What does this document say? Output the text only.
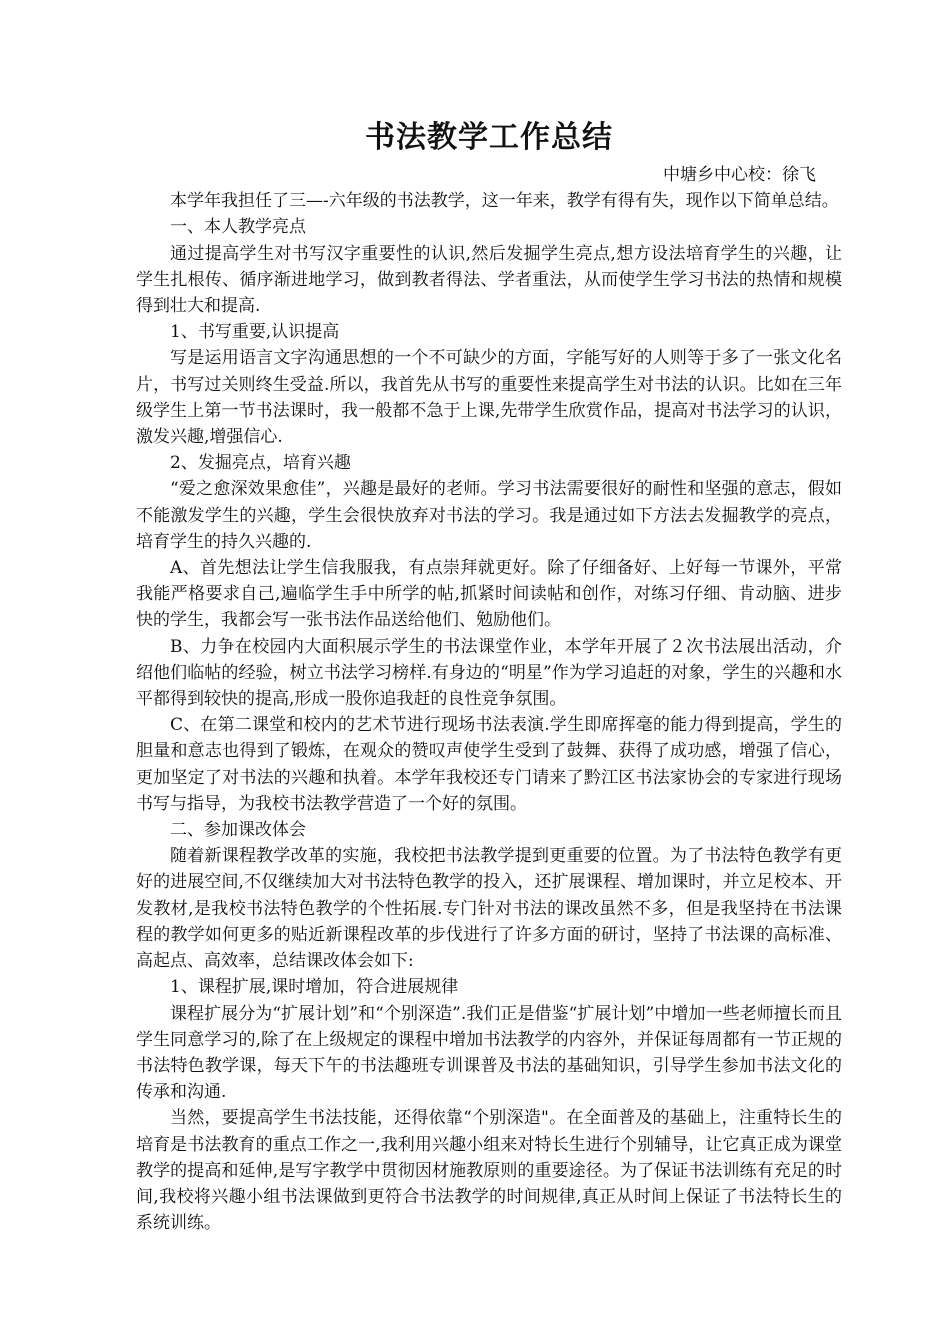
书法教学工作总结
中塘乡中心校：徐飞

本学年我担任了三—-六年级的书法教学，这一年来，教学有得有失，现作以下简单总结。

一、本人教学亮点

通过提高学生对书写汉字重要性的认识,然后发掘学生亮点,想方设法培育学生的兴趣，让学生扎根传、循序渐进地学习，做到教者得法、学者重法，从而使学生学习书法的热情和规模得到壮大和提高.

1、书写重要,认识提高

写是运用语言文字沟通思想的一个不可缺少的方面，字能写好的人则等于多了一张文化名片，书写过关则终生受益.所以，我首先从书写的重要性来提高学生对书法的认识。比如在三年级学生上第一节书法课时，我一般都不急于上课,先带学生欣赏作品，提高对书法学习的认识，激发兴趣,增强信心.

2、发掘亮点，培育兴趣

“爱之愈深效果愈佳”，兴趣是最好的老师。学习书法需要很好的耐性和坚强的意志，假如不能激发学生的兴趣，学生会很快放弃对书法的学习。我是通过如下方法去发掘教学的亮点，培育学生的持久兴趣的.

A、首先想法让学生信我服我，有点崇拜就更好。除了仔细备好、上好每一节课外，平常我能严格要求自己,遍临学生手中所学的帖,抓紧时间读帖和创作，对练习仔细、肯动脑、进步快的学生，我都会写一张书法作品送给他们、勉励他们。

B、力争在校园内大面积展示学生的书法课堂作业，本学年开展了２次书法展出活动，介绍他们临帖的经验，树立书法学习榜样.有身边的“明星”作为学习追赶的对象，学生的兴趣和水平都得到较快的提高,形成一股你追我赶的良性竞争氛围。

C、在第二课堂和校内的艺术节进行现场书法表演.学生即席挥毫的能力得到提高，学生的胆量和意志也得到了锻炼，在观众的赞叹声使学生受到了鼓舞、获得了成功感，增强了信心，更加坚定了对书法的兴趣和执着。本学年我校还专门请来了黔江区书法家协会的专家进行现场书写与指导，为我校书法教学营造了一个好的氛围。

二、参加课改体会

随着新课程教学改革的实施，我校把书法教学提到更重要的位置。为了书法特色教学有更好的进展空间,不仅继续加大对书法特色教学的投入，还扩展课程、增加课时，并立足校本、开发教材,是我校书法特色教学的个性拓展.专门针对书法的课改虽然不多，但是我坚持在书法课程的教学如何更多的贴近新课程改革的步伐进行了许多方面的研讨，坚持了书法课的高标准、高起点、高效率，总结课改体会如下:

1、课程扩展,课时增加，符合进展规律

课程扩展分为“扩展计划”和“个别深造”.我们正是借鉴“扩展计划”中增加一些老师擅长而且学生同意学习的,除了在上级规定的课程中增加书法教学的内容外，并保证每周都有一节正规的书法特色教学课，每天下午的书法趣班专训课普及书法的基础知识，引导学生参加书法文化的传承和沟通.

当然，要提高学生书法技能，还得依靠“个别深造"。在全面普及的基础上，注重特长生的培育是书法教育的重点工作之一,我利用兴趣小组来对特长生进行个别辅导，让它真正成为课堂教学的提高和延伸,是写字教学中贯彻因材施教原则的重要途径。为了保证书法训练有充足的时间,我校将兴趣小组书法课做到更符合书法教学的时间规律,真正从时间上保证了书法特长生的系统训练。
